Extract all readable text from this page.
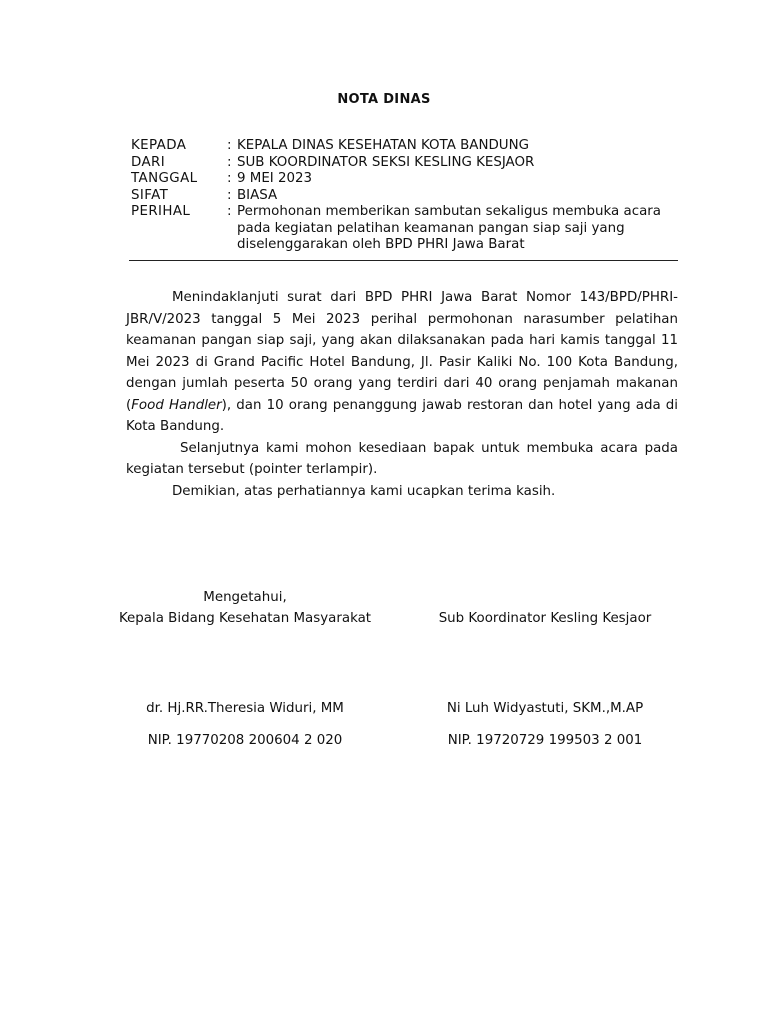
NOTA DINAS
KEPADA	: KEPALA DINAS KESEHATAN KOTA BANDUNG
DARI	: SUB KOORDINATOR SEKSI KESLING KESJAOR
TANGGAL	: 9 MEI 2023
SIFAT	: BIASA
PERIHAL	: Permohonan memberikan sambutan sekaligus membuka acara pada kegiatan pelatihan keamanan pangan siap saji yang diselenggarakan oleh BPD PHRI Jawa Barat

Menindaklanjuti surat dari BPD PHRI Jawa Barat Nomor 143/BPD/PHRI-JBR/V/2023 tanggal 5 Mei 2023 perihal permohonan narasumber pelatihan keamanan pangan siap saji, yang akan dilaksanakan pada hari kamis tanggal 11 Mei 2023 di Grand Pacific Hotel Bandung, Jl. Pasir Kaliki No. 100 Kota Bandung, dengan jumlah peserta 50 orang yang terdiri dari 40 orang penjamah makanan (Food Handler), dan 10 orang penanggung jawab restoran dan hotel yang ada di Kota Bandung.

Selanjutnya kami mohon kesediaan bapak untuk membuka acara pada kegiatan tersebut (pointer terlampir).

Demikian, atas perhatiannya kami ucapkan terima kasih.

Mengetahui,
Kepala Bidang Kesehatan Masyarakat	Sub Koordinator Kesling Kesjaor
dr. Hj.RR.Theresia Widuri, MM	Ni Luh Widyastuti, SKM.,M.AP
NIP. 19770208 200604 2 020	NIP. 19720729 199503 2 001
